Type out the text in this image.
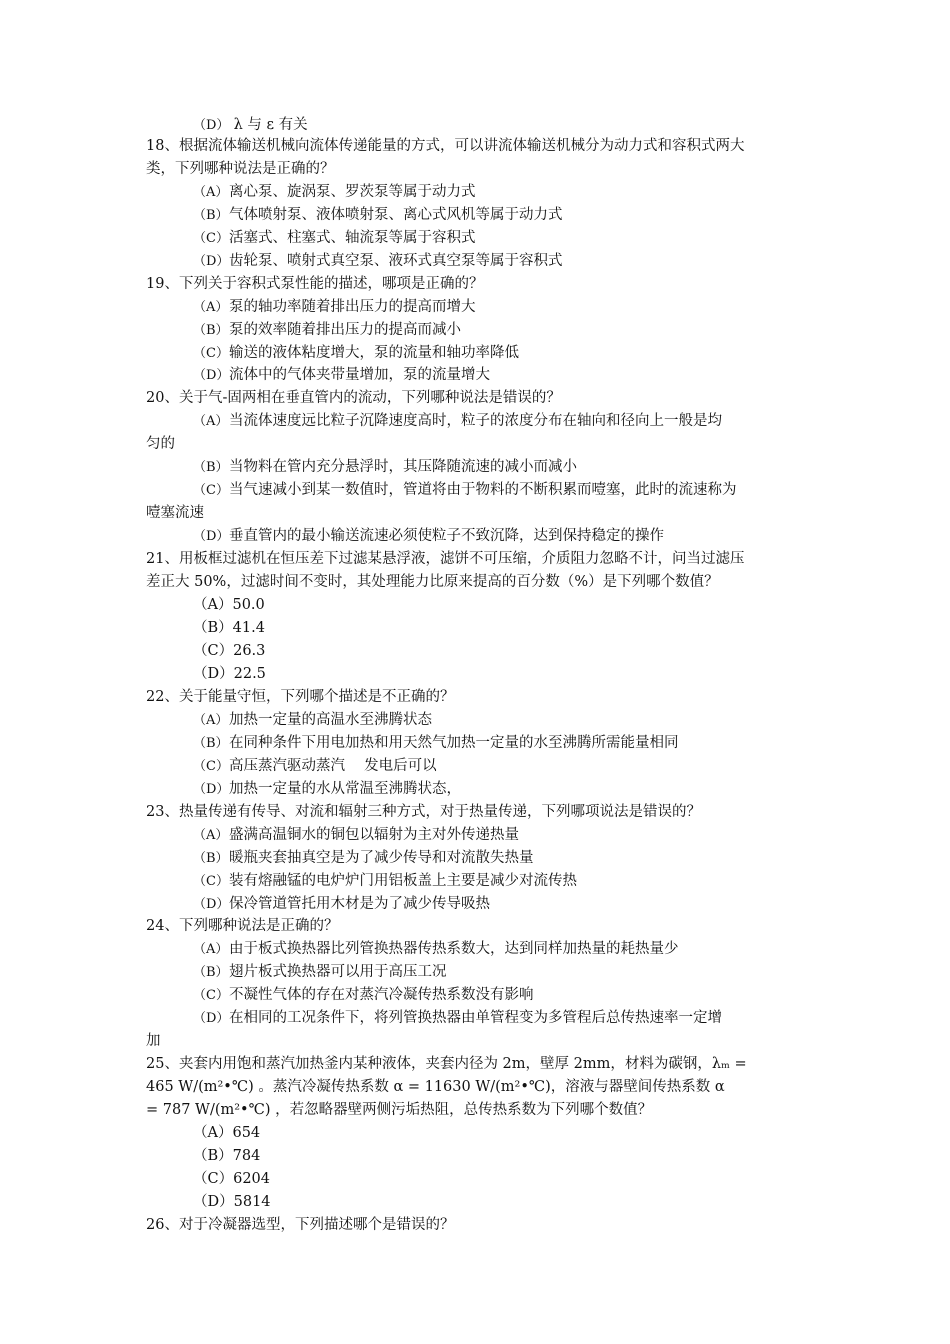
（D） λ 与 ε 有关
18、根据流体输送机械向流体传递能量的方式，可以讲流体输送机械分为动力式和容积式两大
类，下列哪种说法是正确的？
（A）离心泵、旋涡泵、罗茨泵等属于动力式
（B）气体喷射泵、液体喷射泵、离心式风机等属于动力式
（C）活塞式、柱塞式、轴流泵等属于容积式
（D）齿轮泵、喷射式真空泵、液环式真空泵等属于容积式
19、下列关于容积式泵性能的描述，哪项是正确的？
（A）泵的轴功率随着排出压力的提高而增大
（B）泵的效率随着排出压力的提高而减小
（C）输送的液体粘度增大，泵的流量和轴功率降低
（D）流体中的气体夹带量增加，泵的流量增大
20、关于气-固两相在垂直管内的流动，下列哪种说法是错误的？
（A）当流体速度远比粒子沉降速度高时，粒子的浓度分布在轴向和径向上一般是均
匀的
（B）当物料在管内充分悬浮时，其压降随流速的减小而减小
（C）当气速减小到某一数值时，管道将由于物料的不断积累而噎塞，此时的流速称为
噎塞流速
（D）垂直管内的最小输送流速必须使粒子不致沉降，达到保持稳定的操作
21、用板框过滤机在恒压差下过滤某悬浮液，滤饼不可压缩，介质阻力忽略不计，问当过滤压
差正大 50%，过滤时间不变时，其处理能力比原来提高的百分数（%）是下列哪个数值？
（A）50.0
（B）41.4
（C）26.3
（D）22.5
22、关于能量守恒，下列哪个描述是不正确的？
（A）加热一定量的高温水至沸腾状态
（B）在同种条件下用电加热和用天然气加热一定量的水至沸腾所需能量相同
（C）高压蒸汽驱动蒸汽　 发电后可以
（D）加热一定量的水从常温至沸腾状态，
23、热量传递有传导、对流和辐射三种方式，对于热量传递，下列哪项说法是错误的？
（A）盛满高温铜水的铜包以辐射为主对外传递热量
（B）暖瓶夹套抽真空是为了减少传导和对流散失热量
（C）装有熔融锰的电炉炉门用铝板盖上主要是减少对流传热
（D）保冷管道管托用木材是为了减少传导吸热
24、下列哪种说法是正确的？
（A）由于板式换热器比列管换热器传热系数大，达到同样加热量的耗热量少
（B）翅片板式换热器可以用于高压工况
（C）不凝性气体的存在对蒸汽冷凝传热系数没有影响
（D）在相同的工况条件下，将列管换热器由单管程变为多管程后总传热速率一定增
加
25、夹套内用饱和蒸汽加热釜内某种液体，夹套内径为 2m，壁厚 2mm，材料为碳钢，λₘ =
465 W/(m²•℃) 。蒸汽冷凝传热系数 α = 11630 W/(m²•℃)，溶液与器壁间传热系数 α
= 787 W/(m²•℃) ，若忽略器壁两侧污垢热阻，总传热系数为下列哪个数值？
（A）654
（B）784
（C）6204
（D）5814
26、对于冷凝器选型，下列描述哪个是错误的？
